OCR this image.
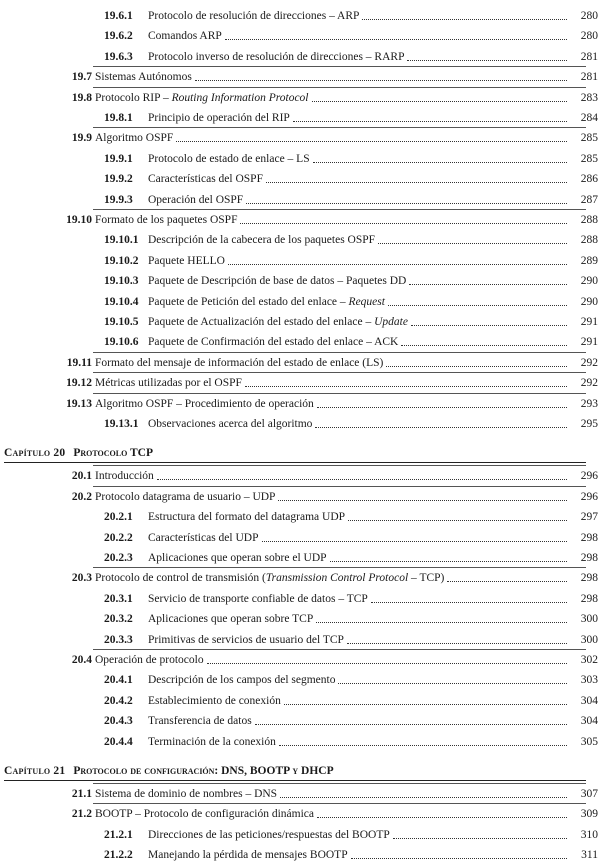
19.6.1 Protocolo de resolución de direcciones – ARP	280
19.6.2 Comandos ARP	280
19.6.3 Protocolo inverso de resolución de direcciones – RARP	281
19.7 Sistemas Autónomos	281
19.8 Protocolo RIP – Routing Information Protocol	283
19.8.1 Principio de operación del RIP	284
19.9 Algoritmo OSPF	285
19.9.1 Protocolo de estado de enlace – LS	285
19.9.2 Características del OSPF	286
19.9.3 Operación del OSPF	287
19.10 Formato de los paquetes OSPF	288
19.10.1 Descripción de la cabecera de los paquetes OSPF	288
19.10.2 Paquete HELLO	289
19.10.3 Paquete de Descripción de base de datos – Paquetes DD	290
19.10.4 Paquete de Petición del estado del enlace – Request	290
19.10.5 Paquete de Actualización del estado del enlace – Update	291
19.10.6 Paquete de Confirmación del estado del enlace – ACK	291
19.11 Formato del mensaje de información del estado de enlace (LS)	292
19.12 Métricas utilizadas por el OSPF	292
19.13 Algoritmo OSPF – Procedimiento de operación	293
19.13.1 Observaciones acerca del algoritmo	295
Capítulo 20 Protocolo TCP
20.1 Introducción	296
20.2 Protocolo datagrama de usuario – UDP	296
20.2.1 Estructura del formato del datagrama UDP	297
20.2.2 Características del UDP	298
20.2.3 Aplicaciones que operan sobre el UDP	298
20.3 Protocolo de control de transmisión (Transmission Control Protocol – TCP)	298
20.3.1 Servicio de transporte confiable de datos – TCP	298
20.3.2 Aplicaciones que operan sobre TCP	300
20.3.3 Primitivas de servicios de usuario del TCP	300
20.4 Operación de protocolo	302
20.4.1 Descripción de los campos del segmento	303
20.4.2 Establecimiento de conexión	304
20.4.3 Transferencia de datos	304
20.4.4 Terminación de la conexión	305
Capítulo 21 Protocolo de configuración: DNS, BOOTP y DHCP
21.1 Sistema de dominio de nombres – DNS	307
21.2 BOOTP – Protocolo de configuración dinámica	309
21.2.1 Direcciones de las peticiones/respuestas del BOOTP	310
21.2.2 Manejando la pérdida de mensajes BOOTP	311
